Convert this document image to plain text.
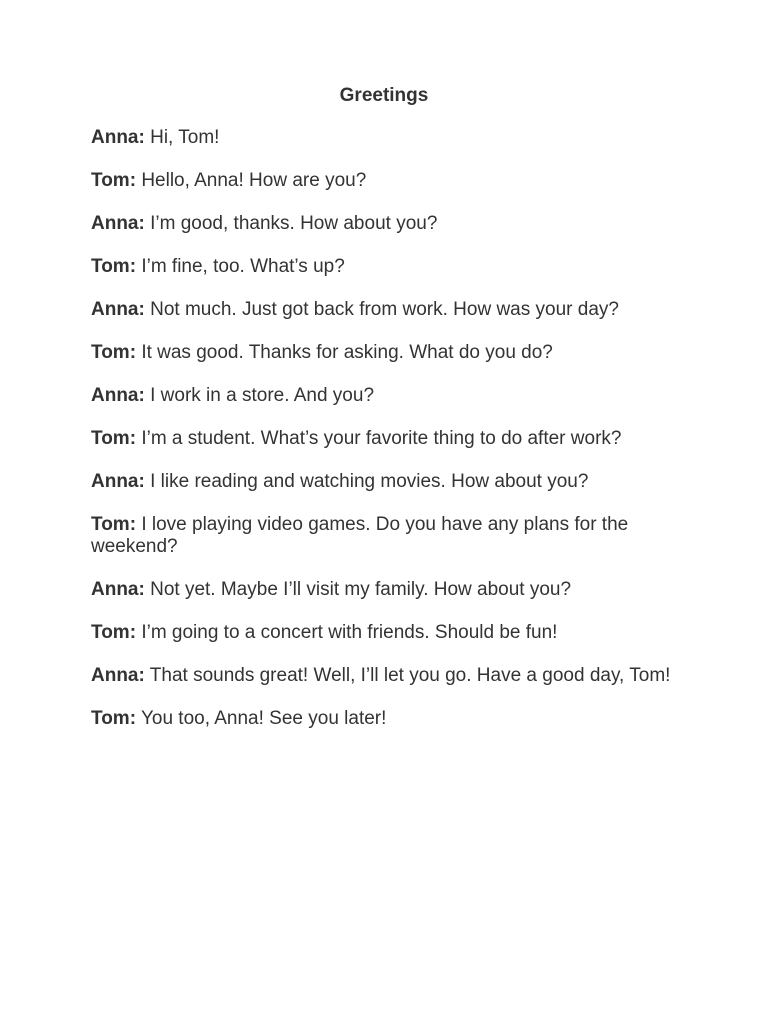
Greetings

Anna: Hi, Tom!

Tom: Hello, Anna! How are you?

Anna: I’m good, thanks. How about you?

Tom: I’m fine, too. What’s up?

Anna: Not much. Just got back from work. How was your day?

Tom: It was good. Thanks for asking. What do you do?

Anna: I work in a store. And you?

Tom: I’m a student. What’s your favorite thing to do after work?

Anna: I like reading and watching movies. How about you?

Tom: I love playing video games. Do you have any plans for the weekend?

Anna: Not yet. Maybe I’ll visit my family. How about you?

Tom: I’m going to a concert with friends. Should be fun!

Anna: That sounds great! Well, I’ll let you go. Have a good day, Tom!

Tom: You too, Anna! See you later!
